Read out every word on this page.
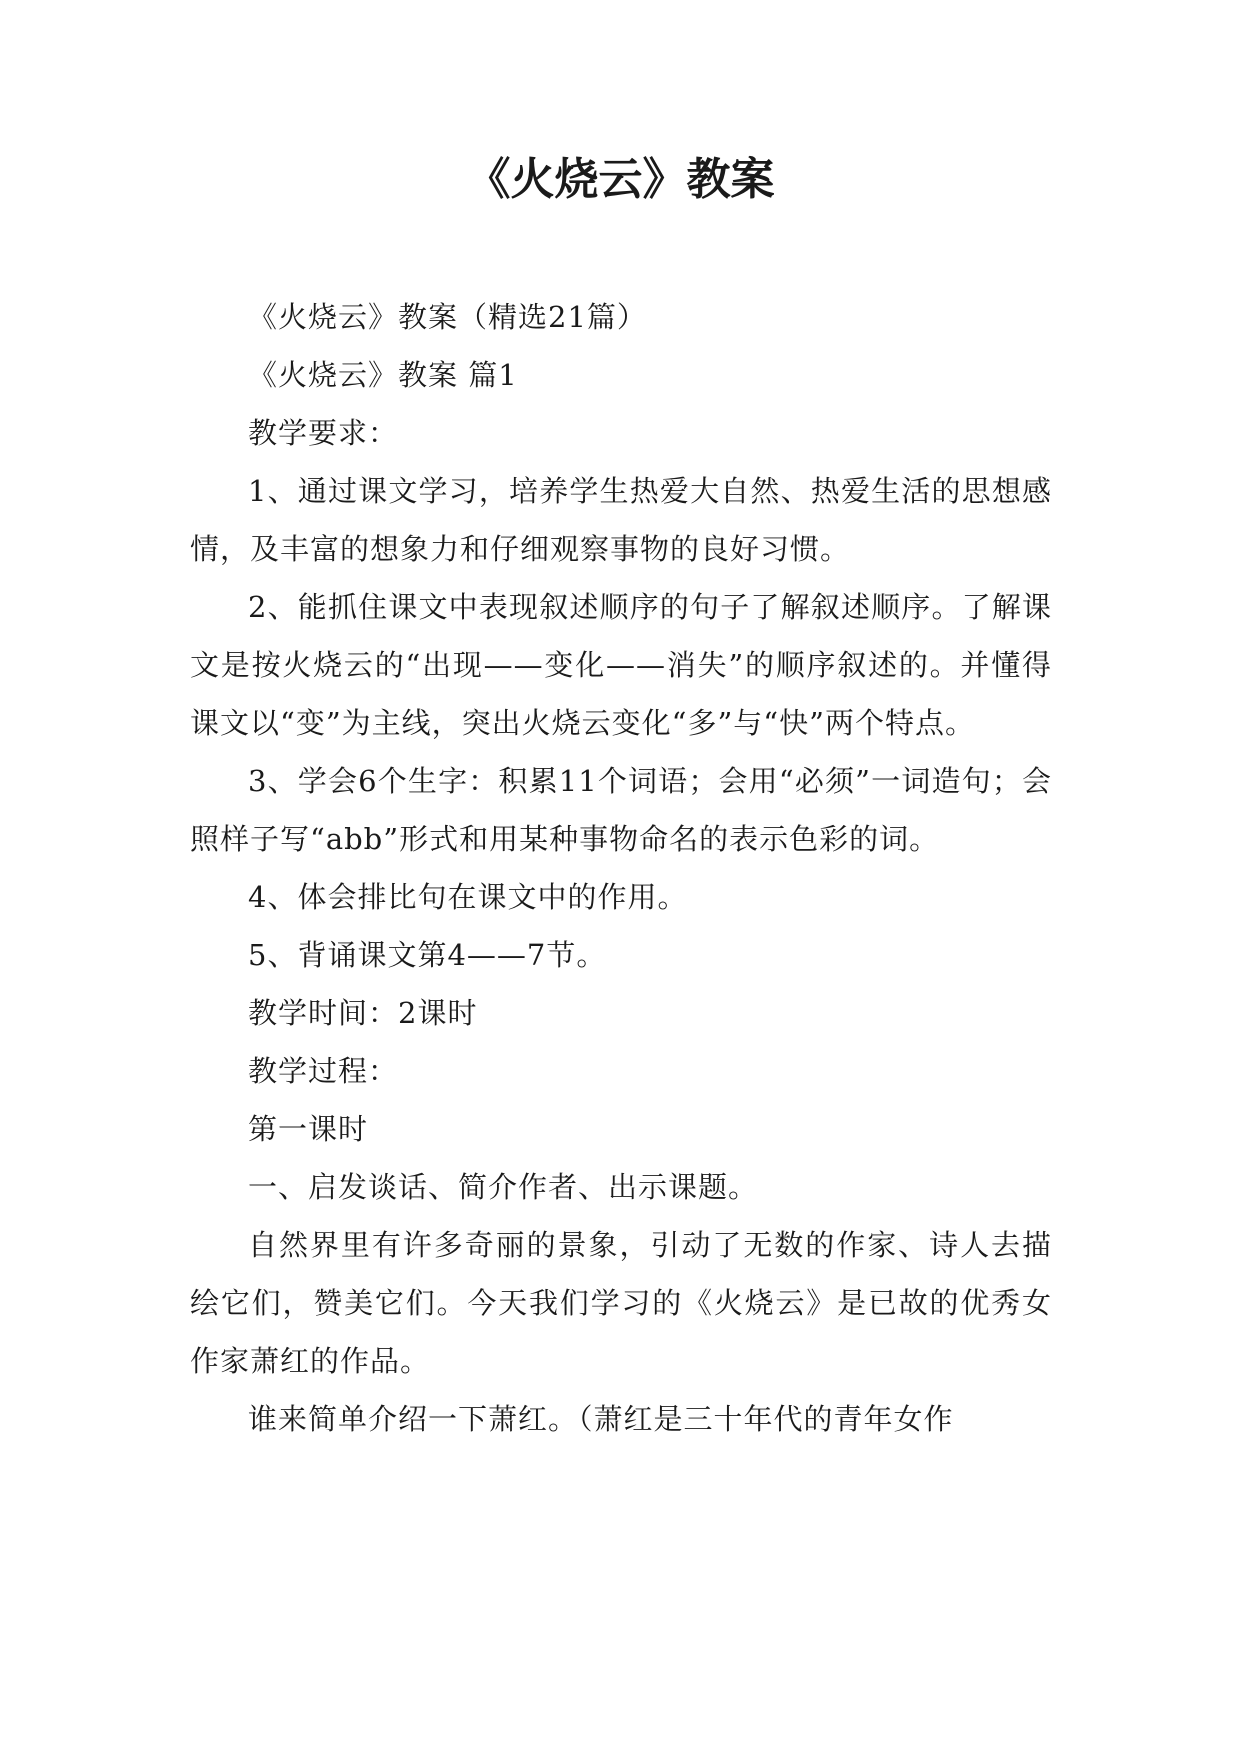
《火烧云》教案

《火烧云》教案（精选21篇）

《火烧云》教案 篇1

教学要求：

1、通过课文学习，培养学生热爱大自然、热爱生活的思想感情，及丰富的想象力和仔细观察事物的良好习惯。

2、能抓住课文中表现叙述顺序的句子了解叙述顺序。了解课文是按火烧云的“出现——变化——消失”的顺序叙述的。并懂得课文以“变”为主线，突出火烧云变化“多”与“快”两个特点。

3、学会6个生字：积累11个词语；会用“必须”一词造句；会照样子写“abb”形式和用某种事物命名的表示色彩的词。

4、体会排比句在课文中的作用。

5、背诵课文第4——7节。

教学时间：2课时

教学过程：

第一课时

一、启发谈话、简介作者、出示课题。

自然界里有许多奇丽的景象，引动了无数的作家、诗人去描绘它们，赞美它们。今天我们学习的《火烧云》是已故的优秀女作家萧红的作品。

谁来简单介绍一下萧红。（萧红是三十年代的青年女作
